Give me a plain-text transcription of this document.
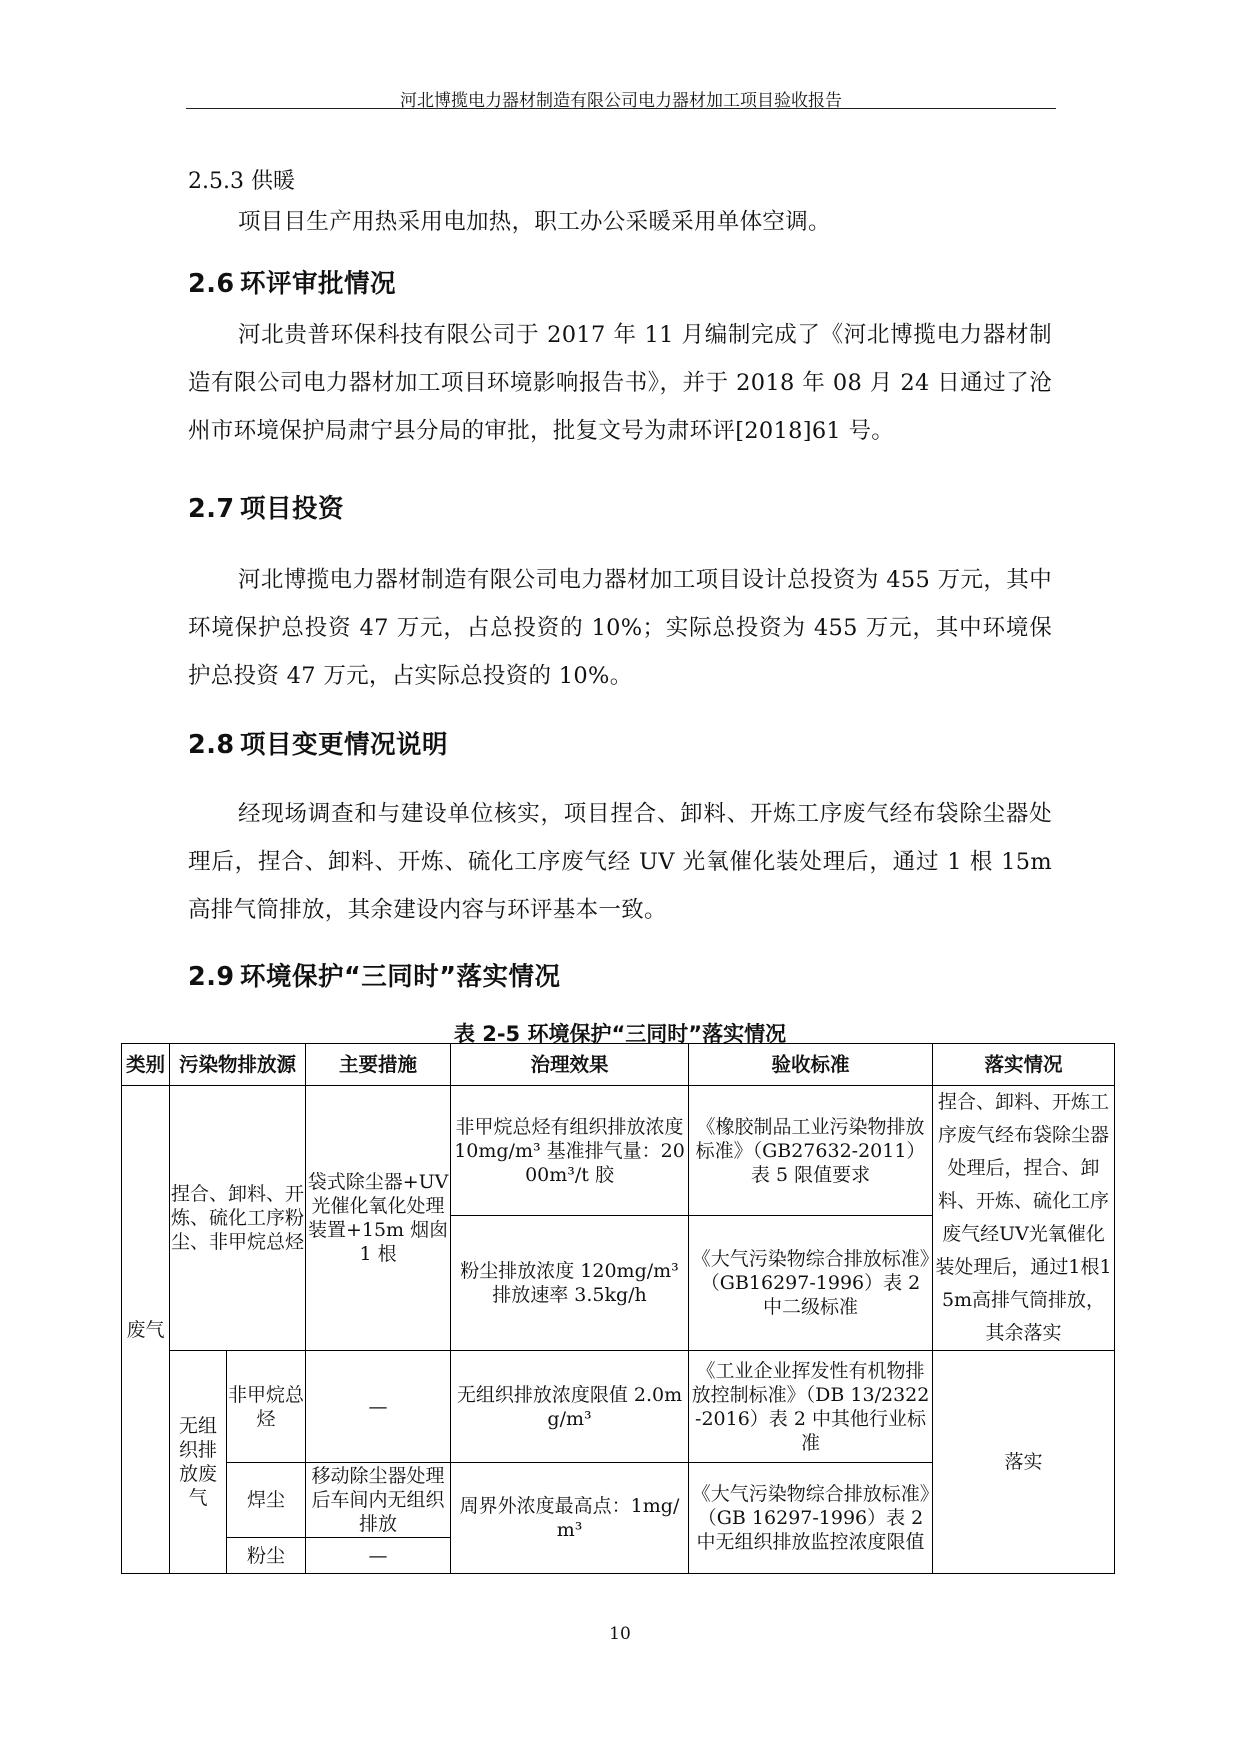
河北博揽电力器材制造有限公司电力器材加工项目验收报告
2.5.3 供暖
项目目生产用热采用电加热，职工办公采暖采用单体空调。
2.6 环评审批情况
河北贵普环保科技有限公司于 2017 年 11 月编制完成了《河北博揽电力器材制造有限公司电力器材加工项目环境影响报告书》，并于 2018 年 08 月 24 日通过了沧州市环境保护局肃宁县分局的审批，批复文号为肃环评[2018]61 号。
2.7 项目投资
河北博揽电力器材制造有限公司电力器材加工项目设计总投资为 455 万元，其中环境保护总投资 47 万元，占总投资的 10%；实际总投资为 455 万元，其中环境保护总投资 47 万元，占实际总投资的 10%。
2.8 项目变更情况说明
经现场调查和与建设单位核实，项目捏合、卸料、开炼工序废气经布袋除尘器处理后，捏合、卸料、开炼、硫化工序废气经 UV 光氧催化装处理后，通过 1 根 15m 高排气筒排放，其余建设内容与环评基本一致。
2.9 环境保护“三同时”落实情况
表 2-5 环境保护“三同时”落实情况
类别	污染物排放源		主要措施	治理效果	验收标准	落实情况
废气	捏合、卸料、开炼、硫化工序粉尘、非甲烷总烃		袋式除尘器+UV 光催化氧化处理装置+15m 烟囱 1 根	非甲烷总烃有组织排放浓度 10mg/m³ 基准排气量：2000m³/t 胶	《橡胶制品工业污染物排放标准》（GB27632-2011）表 5 限值要求	捏合、卸料、开炼工序废气经布袋除尘器处理后，捏合、卸料、开炼、硫化工序废气经UV光氧催化装处理后，通过1根15m高排气筒排放，其余落实
				粉尘排放浓度 120mg/m³ 排放速率 3.5kg/h	《大气污染物综合排放标准》（GB16297-1996）表 2 中二级标准	
	无组织排放废气	非甲烷总烃	—	无组织排放浓度限值 2.0mg/m³	《工业企业挥发性有机物排放控制标准》（DB 13/2322-2016）表 2 中其他行业标准	落实
		焊尘	移动除尘器处理后车间内无组织排放	周界外浓度最高点：1mg/m³	《大气污染物综合排放标准》（GB 16297-1996）表 2 中无组织排放监控浓度限值	
		粉尘	—			
10
